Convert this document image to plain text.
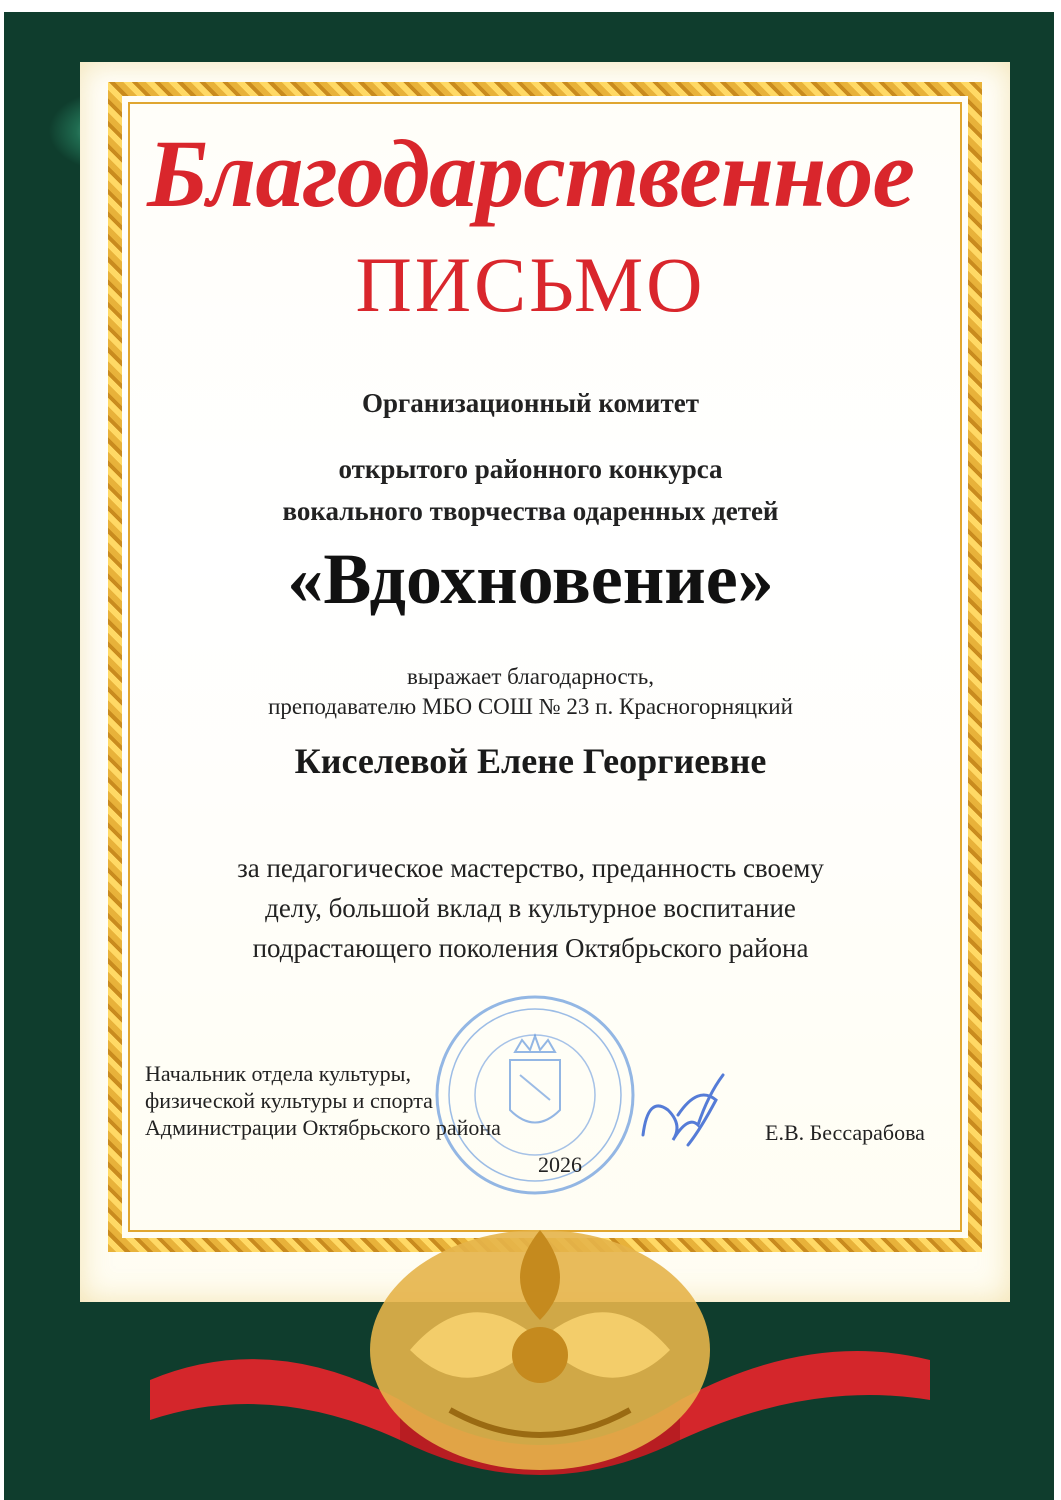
Благодарственное
ПИСЬМО
Организационный комитет
открытого районного конкурса
вокального творчества одаренных детей
«Вдохновение»
выражает благодарность,
преподавателю МБО СОШ № 23 п. Красногорняцкий
Киселевой Елене Георгиевне
за педагогическое мастерство, преданность своему
делу, большой вклад в культурное воспитание
подрастающего поколения Октябрьского района
Начальник отдела культуры,
физической культуры и спорта
Администрации Октябрьского района
2026
Е.В. Бессарабова
